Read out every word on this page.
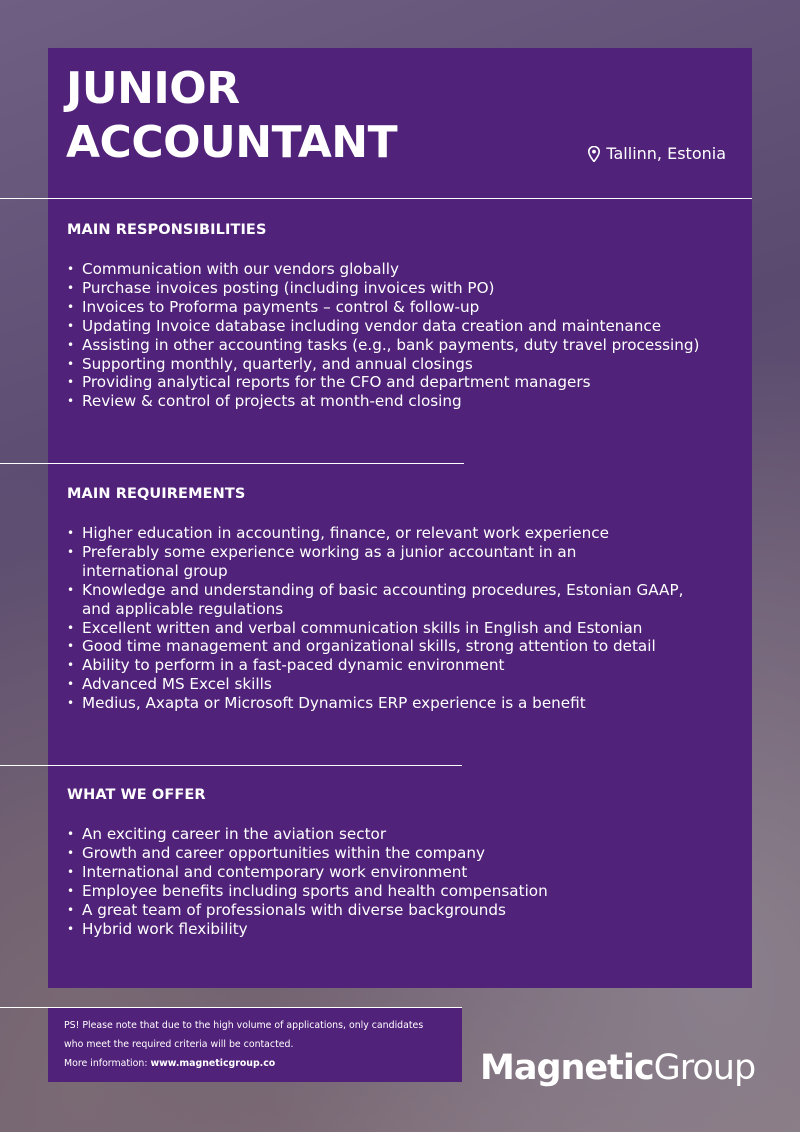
JUNIOR
ACCOUNTANT	Tallinn, Estonia
MAIN RESPONSIBILITIES
• Communication with our vendors globally
• Purchase invoices posting (including invoices with PO)
• Invoices to Proforma payments – control & follow-up
• Updating Invoice database including vendor data creation and maintenance
• Assisting in other accounting tasks (e.g., bank payments, duty travel processing)
• Supporting monthly, quarterly, and annual closings
• Providing analytical reports for the CFO and department managers
• Review & control of projects at month-end closing
MAIN REQUIREMENTS
• Higher education in accounting, finance, or relevant work experience
• Preferably some experience working as a junior accountant in an international group
• Knowledge and understanding of basic accounting procedures, Estonian GAAP, and applicable regulations
• Excellent written and verbal communication skills in English and Estonian
• Good time management and organizational skills, strong attention to detail
• Ability to perform in a fast-paced dynamic environment
• Advanced MS Excel skills
• Medius, Axapta or Microsoft Dynamics ERP experience is a benefit
WHAT WE OFFER
• An exciting career in the aviation sector
• Growth and career opportunities within the company
• International and contemporary work environment
• Employee benefits including sports and health compensation
• A great team of professionals with diverse backgrounds
• Hybrid work flexibility
PS! Please note that due to the high volume of applications, only candidates who meet the required criteria will be contacted.
More information: www.magneticgroup.co	MagneticGroup
